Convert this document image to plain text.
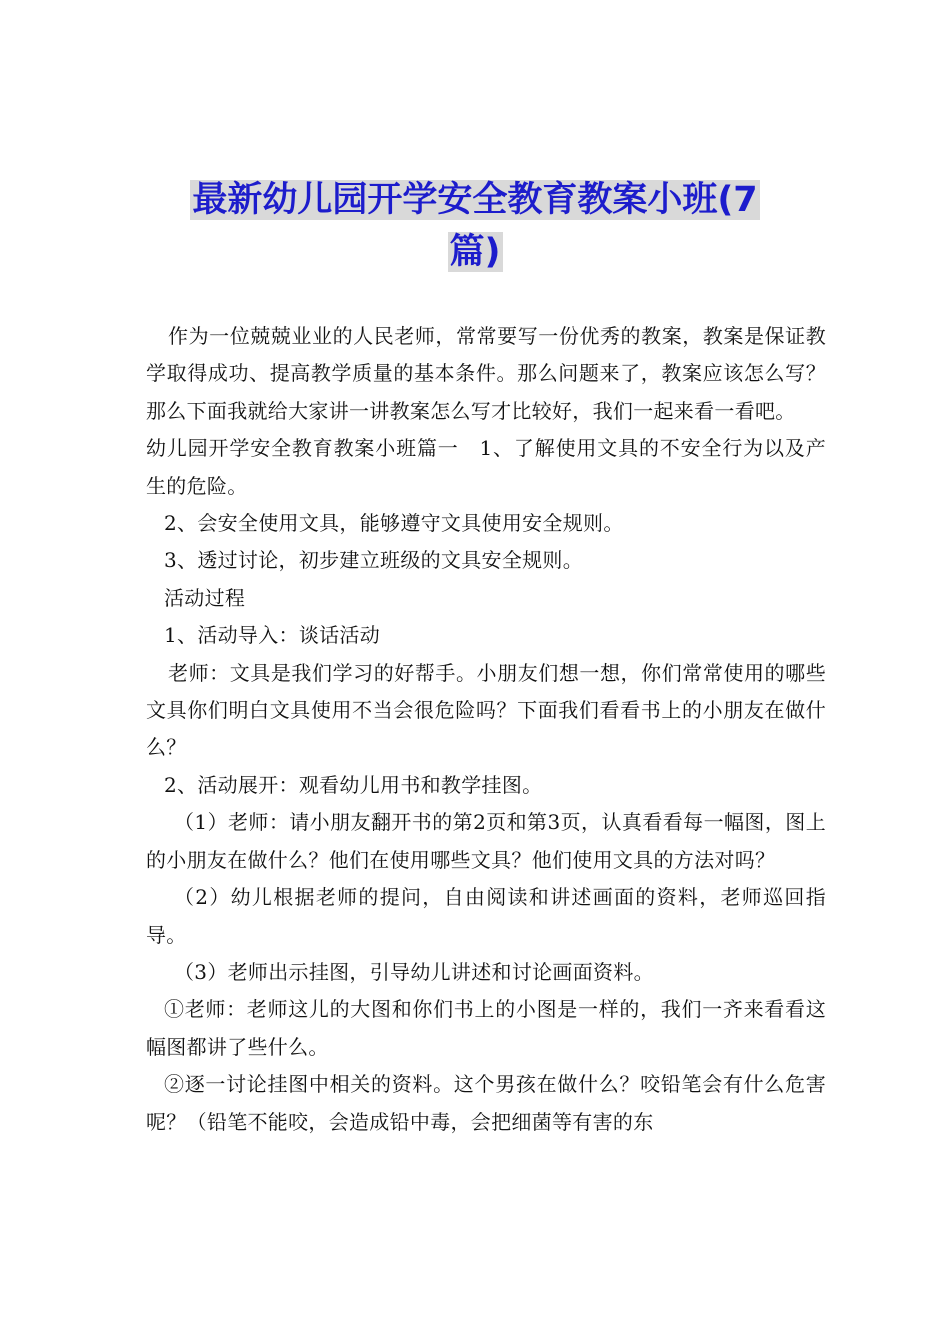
最新幼儿园开学安全教育教案小班(7
篇)

作为一位兢兢业业的人民老师，常常要写一份优秀的教案，教案是保证教学取得成功、提高教学质量的基本条件。那么问题来了，教案应该怎么写？那么下面我就给大家讲一讲教案怎么写才比较好，我们一起来看一看吧。

幼儿园开学安全教育教案小班篇一　1、了解使用文具的不安全行为以及产生的危险。

2、会安全使用文具，能够遵守文具使用安全规则。

3、透过讨论，初步建立班级的文具安全规则。

活动过程

1、活动导入：谈话活动

老师：文具是我们学习的好帮手。小朋友们想一想，你们常常使用的哪些文具你们明白文具使用不当会很危险吗？下面我们看看书上的小朋友在做什么？

2、活动展开：观看幼儿用书和教学挂图。

（1）老师：请小朋友翻开书的第2页和第3页，认真看看每一幅图，图上的小朋友在做什么？他们在使用哪些文具？他们使用文具的方法对吗？

（2）幼儿根据老师的提问，自由阅读和讲述画面的资料，老师巡回指导。

（3）老师出示挂图，引导幼儿讲述和讨论画面资料。

①老师：老师这儿的大图和你们书上的小图是一样的，我们一齐来看看这幅图都讲了些什么。

②逐一讨论挂图中相关的资料。这个男孩在做什么？咬铅笔会有什么危害呢？（铅笔不能咬，会造成铅中毒，会把细菌等有害的东
